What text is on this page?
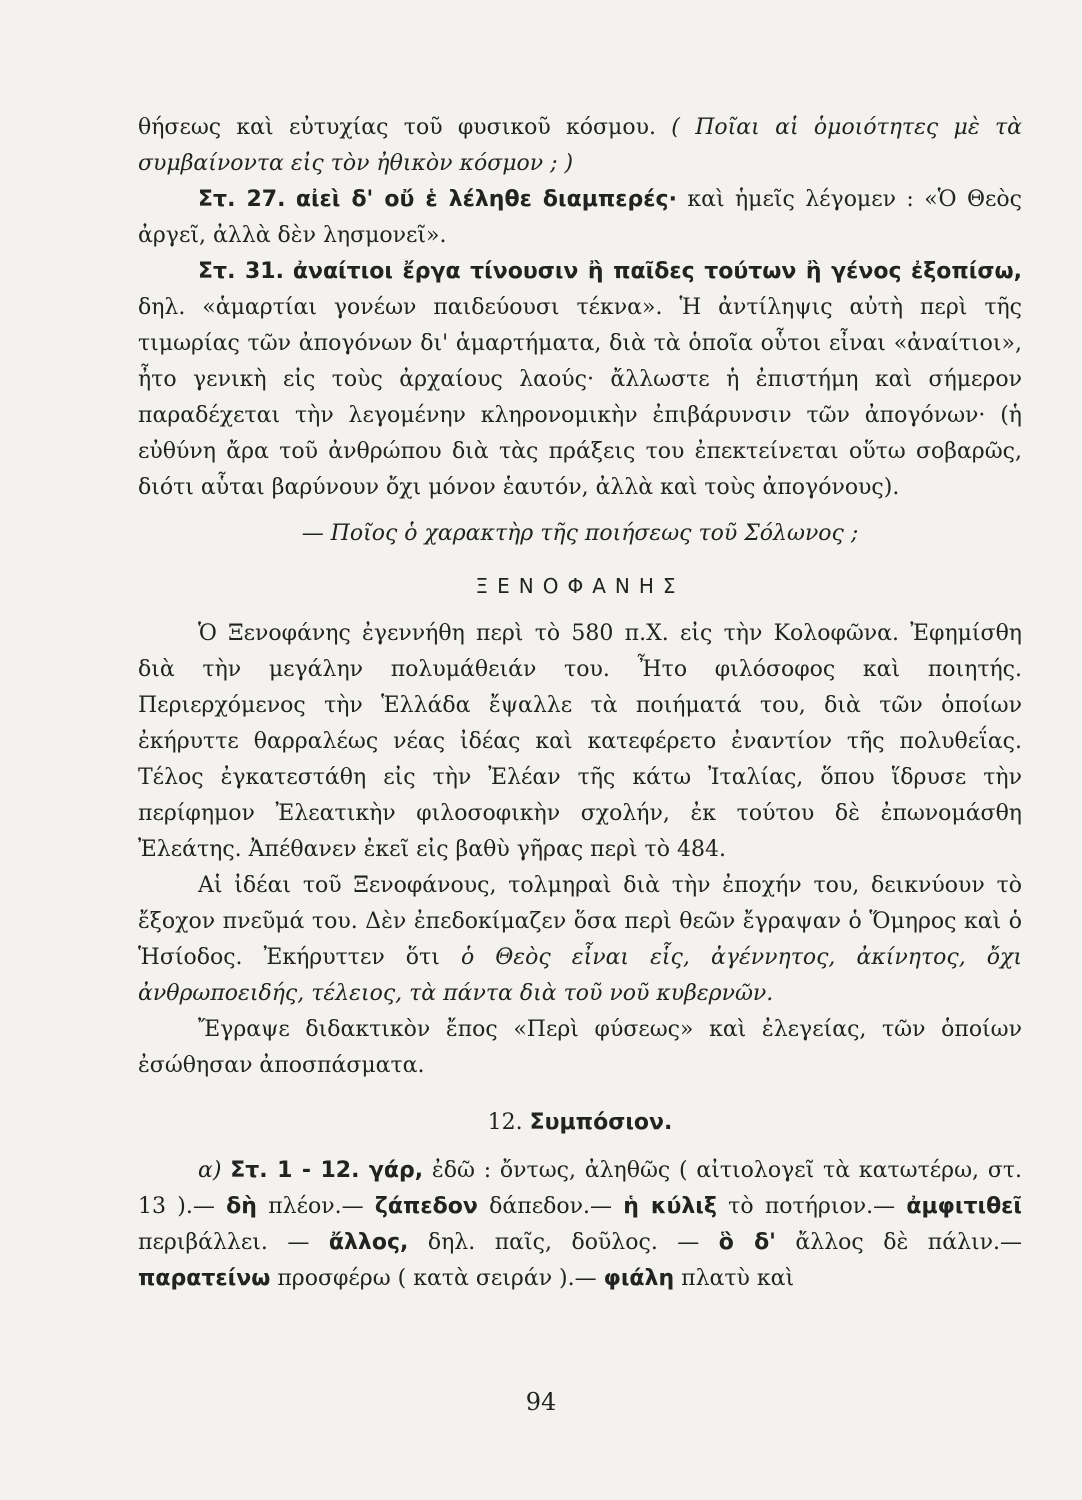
θήσεως καὶ εὐτυχίας τοῦ φυσικοῦ κόσμου. ( Ποῖαι αἱ ὁμοιότητες μὲ τὰ συμβαίνοντα εἰς τὸν ἠθικὸν κόσμον ; )

Στ. 27. αἰεὶ δ' οὔ ἑ λέληθε διαμπερές· καὶ ἡμεῖς λέγομεν : «Ὁ Θεὸς ἀργεῖ, ἀλλὰ δὲν λησμονεῖ».

Στ. 31. ἀναίτιοι ἔργα τίνουσιν ἢ παῖδες τούτων ἢ γένος ἐξοπίσω, δηλ. «ἁμαρτίαι γονέων παιδεύουσι τέκνα». Ἡ ἀντίληψις αὐτὴ περὶ τῆς τιμωρίας τῶν ἀπογόνων δι' ἁμαρτήματα, διὰ τὰ ὁποῖα οὗτοι εἶναι «ἀναίτιοι», ἦτο γενικὴ εἰς τοὺς ἀρχαίους λαούς· ἄλλωστε ἡ ἐπιστήμη καὶ σήμερον παραδέχεται τὴν λεγομένην κληρονομικὴν ἐπιβάρυνσιν τῶν ἀπογόνων· (ἡ εὐθύνη ἄρα τοῦ ἀνθρώπου διὰ τὰς πράξεις του ἐπεκτείνεται οὕτω σοβαρῶς, διότι αὗται βαρύνουν ὄχι μόνον ἑαυτόν, ἀλλὰ καὶ τοὺς ἀπογόνους).

— Ποῖος ὁ χαρακτὴρ τῆς ποιήσεως τοῦ Σόλωνος ;

ΞΕΝΟΦΑΝΗΣ

Ὁ Ξενοφάνης ἐγεννήθη περὶ τὸ 580 π.Χ. εἰς τὴν Κολοφῶνα. Ἐφημίσθη διὰ τὴν μεγάλην πολυμάθειάν του. Ἦτο φιλόσοφος καὶ ποιητής. Περιερχόμενος τὴν Ἑλλάδα ἔψαλλε τὰ ποιήματά του, διὰ τῶν ὁποίων ἐκήρυττε θαρραλέως νέας ἰδέας καὶ κατεφέρετο ἐναντίον τῆς πολυθεΐας. Τέλος ἐγκατεστάθη εἰς τὴν Ἐλέαν τῆς κάτω Ἰταλίας, ὅπου ἵδρυσε τὴν περίφημον Ἐλεατικὴν φιλοσοφικὴν σχολήν, ἐκ τούτου δὲ ἐπωνομάσθη Ἐλεάτης. Ἀπέθανεν ἐκεῖ εἰς βαθὺ γῆρας περὶ τὸ 484.

Αἱ ἰδέαι τοῦ Ξενοφάνους, τολμηραὶ διὰ τὴν ἐποχήν του, δεικνύουν τὸ ἔξοχον πνεῦμά του. Δὲν ἐπεδοκίμαζεν ὅσα περὶ θεῶν ἔγραψαν ὁ Ὅμηρος καὶ ὁ Ἡσίοδος. Ἐκήρυττεν ὅτι ὁ Θεὸς εἶναι εἷς, ἀγέννητος, ἀκίνητος, ὄχι ἀνθρωποειδής, τέλειος, τὰ πάντα διὰ τοῦ νοῦ κυβερνῶν.

Ἔγραψε διδακτικὸν ἔπος «Περὶ φύσεως» καὶ ἐλεγείας, τῶν ὁποίων ἐσώθησαν ἀποσπάσματα.

12. Συμπόσιον.

α) Στ. 1 - 12. γάρ, ἐδῶ : ὄντως, ἀληθῶς ( αἰτιολογεῖ τὰ κατωτέρω, στ. 13 ).— δὴ πλέον.— ζάπεδον δάπεδον.— ἡ κύλιξ τὸ ποτήριον.— ἀμφιτιθεῖ περιβάλλει. — ἄλλος, δηλ. παῖς, δοῦλος. — ὃ δ' ἄλλος δὲ πάλιν.— παρατείνω προσφέρω ( κατὰ σειράν ).— φιάλη πλατὺ καὶ

94
